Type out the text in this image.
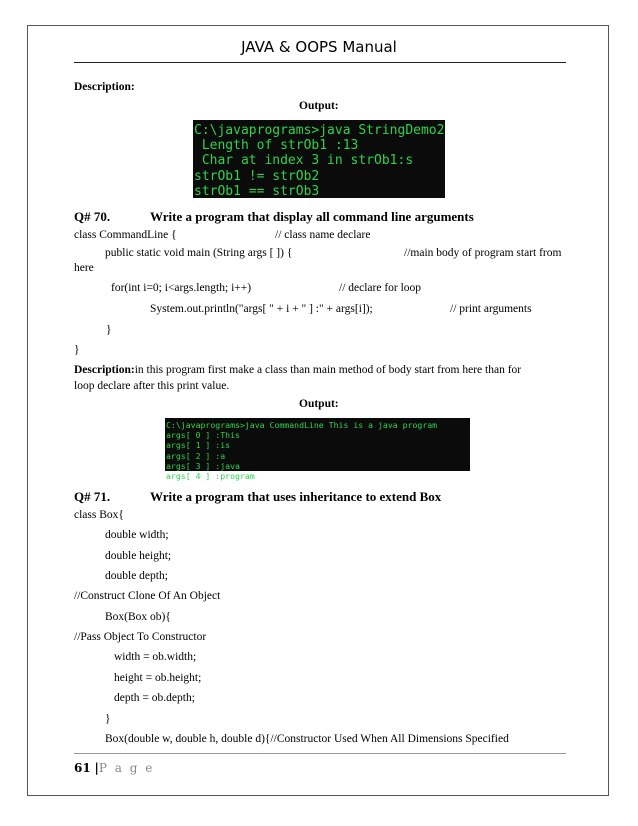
JAVA & OOPS Manual
Description:
Output:
C:\javaprograms>java StringDemo2
Length of strOb1 :13
Char at index 3 in strOb1:s
strOb1 != strOb2
strOb1 == strOb3
Q# 70.	Write a program that display all command line arguments
class CommandLine {	// class name declare
public static void main (String args [ ]) {	//main body of program start from
here
for(int i=0; i<args.length; i++)	// declare for loop
System.out.println("args[ " + i + " ] :" + args[i]);	// print arguments
}
}
Description:in this program first make a class than main method of body start from here than for
loop declare after this print value.
Output:
C:\javaprograms>java CommandLine This is a java program
args[ 0 ] :This
args[ 1 ] :is
args[ 2 ] :a
args[ 3 ] :java
args[ 4 ] :program
Q# 71.	Write a program that uses inheritance to extend Box
class Box{
double width;
double height;
double depth;
//Construct Clone Of An Object
Box(Box ob){
//Pass Object To Constructor
width = ob.width;
height = ob.height;
depth = ob.depth;
}
Box(double w, double h, double d){//Constructor Used When All Dimensions Specified
61 |P a g e
